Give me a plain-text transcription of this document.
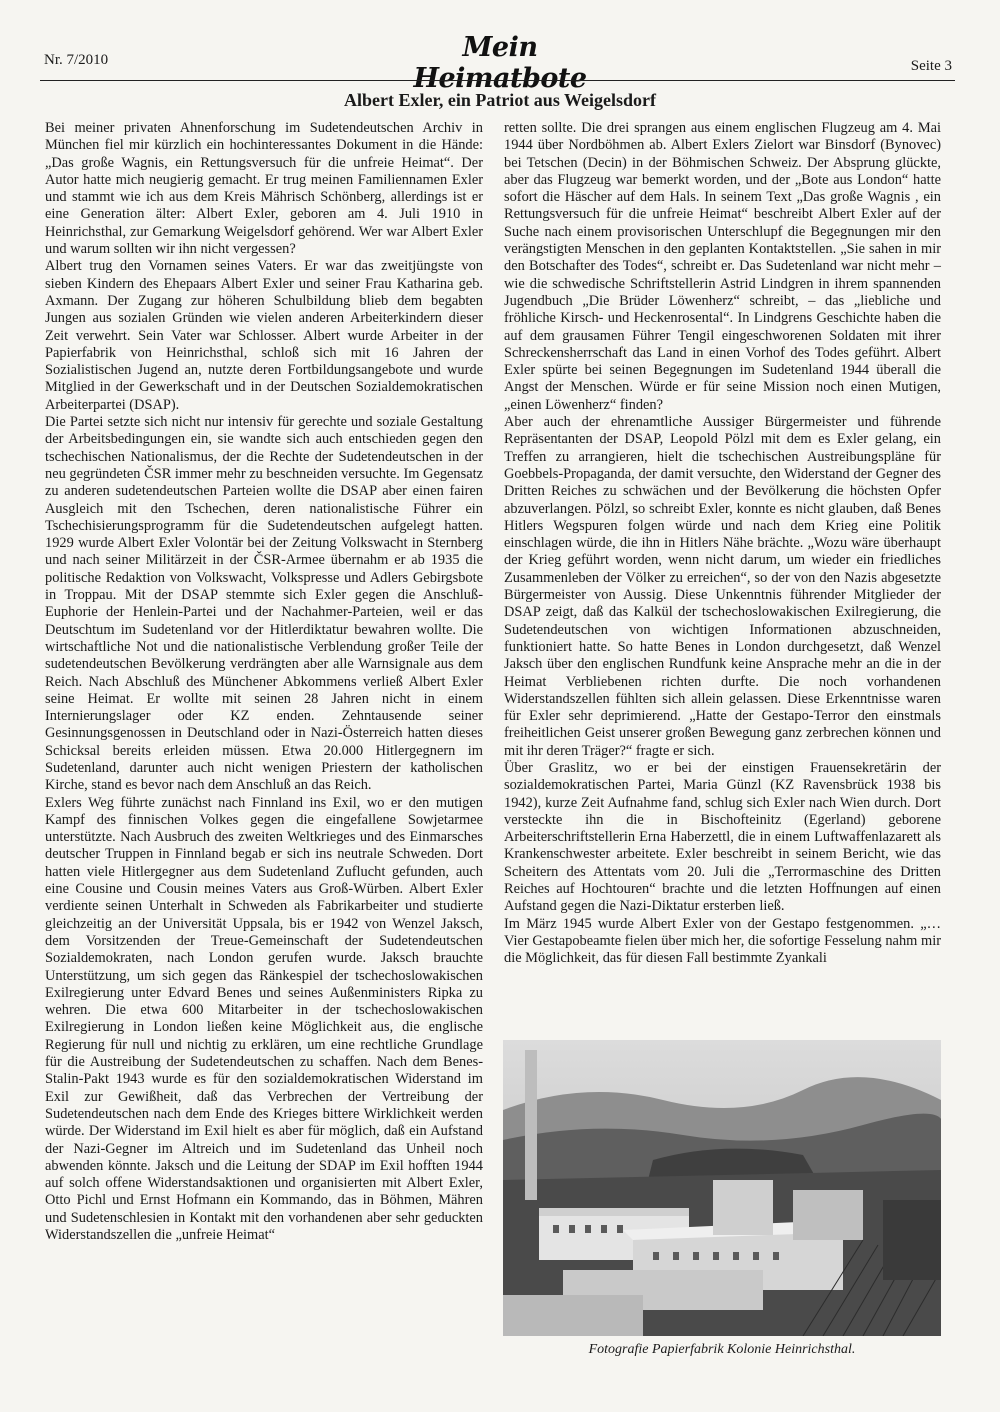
Nr. 7/2010	Mein Heimatbote	Seite 3
Albert Exler, ein Patriot aus Weigelsdorf

Bei meiner privaten Ahnenforschung im Sudetendeutschen Archiv in München fiel mir kürzlich ein hochinteressantes Dokument in die Hände: „Das große Wagnis, ein Rettungsversuch für die unfreie Heimat“. Der Autor hatte mich neugierig gemacht. Er trug meinen Familiennamen Exler und stammt wie ich aus dem Kreis Mährisch Schönberg, allerdings ist er eine Generation älter: Albert Exler, geboren am 4. Juli 1910 in Heinrichsthal, zur Gemarkung Weigelsdorf gehörend. Wer war Albert Exler und warum sollten wir ihn nicht vergessen?

Albert trug den Vornamen seines Vaters. Er war das zweitjüngste von sieben Kindern des Ehepaars Albert Exler und seiner Frau Katharina geb. Axmann. Der Zugang zur höheren Schulbildung blieb dem begabten Jungen aus sozialen Gründen wie vielen anderen Arbeiterkindern dieser Zeit verwehrt. Sein Vater war Schlosser. Albert wurde Arbeiter in der Papierfabrik von Heinrichsthal, schloß sich mit 16 Jahren der Sozialistischen Jugend an, nutzte deren Fortbildungsangebote und wurde Mitglied in der Gewerkschaft und in der Deutschen Sozialdemokratischen Arbeiterpartei (DSAP).

Die Partei setzte sich nicht nur intensiv für gerechte und soziale Gestaltung der Arbeitsbedingungen ein, sie wandte sich auch entschieden gegen den tschechischen Nationalismus, der die Rechte der Sudetendeutschen in der neu gegründeten ČSR immer mehr zu beschneiden versuchte. Im Gegensatz zu anderen sudetendeutschen Parteien wollte die DSAP aber einen fairen Ausgleich mit den Tschechen, deren nationalistische Führer ein Tschechisierungsprogramm für die Sudetendeutschen aufgelegt hatten. 1929 wurde Albert Exler Volontär bei der Zeitung Volkswacht in Sternberg und nach seiner Militärzeit in der ČSR-Armee übernahm er ab 1935 die politische Redaktion von Volkswacht, Volkspresse und Adlers Gebirgsbote in Troppau. Mit der DSAP stemmte sich Exler gegen die Anschluß-Euphorie der Henlein-Partei und der Nachahmer-Parteien, weil er das Deutschtum im Sudetenland vor der Hitlerdiktatur bewahren wollte. Die wirtschaftliche Not und die nationalistische Verblendung großer Teile der sudetendeutschen Bevölkerung verdrängten aber alle Warnsignale aus dem Reich. Nach Abschluß des Münchener Abkommens verließ Albert Exler seine Heimat. Er wollte mit seinen 28 Jahren nicht in einem Internierungslager oder KZ enden. Zehntausende seiner Gesinnungsgenossen in Deutschland oder in Nazi-Österreich hatten dieses Schicksal bereits erleiden müssen. Etwa 20.000 Hitlergegnern im Sudetenland, darunter auch nicht wenigen Priestern der katholischen Kirche, stand es bevor nach dem Anschluß an das Reich.

Exlers Weg führte zunächst nach Finnland ins Exil, wo er den mutigen Kampf des finnischen Volkes gegen die eingefallene Sowjetarmee unterstützte. Nach Ausbruch des zweiten Weltkrieges und des Einmarsches deutscher Truppen in Finnland begab er sich ins neutrale Schweden. Dort hatten viele Hitlergegner aus dem Sudetenland Zuflucht gefunden, auch eine Cousine und Cousin meines Vaters aus Groß-Würben. Albert Exler verdiente seinen Unterhalt in Schweden als Fabrikarbeiter und studierte gleichzeitig an der Universität Uppsala, bis er 1942 von Wenzel Jaksch, dem Vorsitzenden der Treue-Gemeinschaft der Sudetendeutschen Sozialdemokraten, nach London gerufen wurde. Jaksch brauchte Unterstützung, um sich gegen das Ränkespiel der tschechoslowakischen Exilregierung unter Edvard Benes und seines Außenministers Ripka zu wehren. Die etwa 600 Mitarbeiter in der tschechoslowakischen Exilregierung in London ließen keine Möglichkeit aus, die englische Regierung für null und nichtig zu erklären, um eine rechtliche Grundlage für die Austreibung der Sudetendeutschen zu schaffen. Nach dem Benes-Stalin-Pakt 1943 wurde es für den sozialdemokratischen Widerstand im Exil zur Gewißheit, daß das Verbrechen der Vertreibung der Sudetendeutschen nach dem Ende des Krieges bittere Wirklichkeit werden würde. Der Widerstand im Exil hielt es aber für möglich, daß ein Aufstand der Nazi-Gegner im Altreich und im Sudetenland das Unheil noch abwenden könnte. Jaksch und die Leitung der SDAP im Exil hofften 1944 auf solch offene Widerstandsaktionen und organisierten mit Albert Exler, Otto Pichl und Ernst Hofmann ein Kommando, das in Böhmen, Mähren und Sudetenschlesien in Kontakt mit den vorhandenen aber sehr geduckten Widerstandszellen die „unfreie Heimat“

retten sollte. Die drei sprangen aus einem englischen Flugzeug am 4. Mai 1944 über Nordböhmen ab. Albert Exlers Zielort war Binsdorf (Bynovec) bei Tetschen (Decin) in der Böhmischen Schweiz. Der Absprung glückte, aber das Flugzeug war bemerkt worden, und der „Bote aus London“ hatte sofort die Häscher auf dem Hals. In seinem Text „Das große Wagnis , ein Rettungsversuch für die unfreie Heimat“ beschreibt Albert Exler auf der Suche nach einem provisorischen Unterschlupf die Begegnungen mir den verängstigten Menschen in den geplanten Kontaktstellen. „Sie sahen in mir den Botschafter des Todes“, schreibt er. Das Sudetenland war nicht mehr – wie die schwedische Schriftstellerin Astrid Lindgren in ihrem spannenden Jugendbuch „Die Brüder Löwenherz“ schreibt, – das „liebliche und fröhliche Kirsch- und Heckenrosental“. In Lindgrens Geschichte haben die auf dem grausamen Führer Tengil eingeschworenen Soldaten mit ihrer Schreckensherrschaft das Land in einen Vorhof des Todes geführt. Albert Exler spürte bei seinen Begegnungen im Sudetenland 1944 überall die Angst der Menschen. Würde er für seine Mission noch einen Mutigen, „einen Löwenherz“ finden?

Aber auch der ehrenamtliche Aussiger Bürgermeister und führende Repräsentanten der DSAP, Leopold Pölzl mit dem es Exler gelang, ein Treffen zu arrangieren, hielt die tschechischen Austreibungspläne für Goebbels-Propaganda, der damit versuchte, den Widerstand der Gegner des Dritten Reiches zu schwächen und der Bevölkerung die höchsten Opfer abzuverlangen. Pölzl, so schreibt Exler, konnte es nicht glauben, daß Benes Hitlers Wegspuren folgen würde und nach dem Krieg eine Politik einschlagen würde, die ihn in Hitlers Nähe brächte. „Wozu wäre überhaupt der Krieg geführt worden, wenn nicht darum, um wieder ein friedliches Zusammenleben der Völker zu erreichen“, so der von den Nazis abgesetzte Bürgermeister von Aussig. Diese Unkenntnis führender Mitglieder der DSAP zeigt, daß das Kalkül der tschechoslowakischen Exilregierung, die Sudetendeutschen von wichtigen Informationen abzuschneiden, funktioniert hatte. So hatte Benes in London durchgesetzt, daß Wenzel Jaksch über den englischen Rundfunk keine Ansprache mehr an die in der Heimat Verbliebenen richten durfte. Die noch vorhandenen Widerstandszellen fühlten sich allein gelassen. Diese Erkenntnisse waren für Exler sehr deprimierend. „Hatte der Gestapo-Terror den einstmals freiheitlichen Geist unserer großen Bewegung ganz zerbrechen können und mit ihr deren Träger?“ fragte er sich.

Über Graslitz, wo er bei der einstigen Frauensekretärin der sozialdemokratischen Partei, Maria Günzl (KZ Ravensbrück 1938 bis 1942), kurze Zeit Aufnahme fand, schlug sich Exler nach Wien durch. Dort versteckte ihn die in Bischofteinitz (Egerland) geborene Arbeiterschriftstellerin Erna Haberzettl, die in einem Luftwaffenlazarett als Krankenschwester arbeitete. Exler beschreibt in seinem Bericht, wie das Scheitern des Attentats vom 20. Juli die „Terrormaschine des Dritten Reiches auf Hochtouren“ brachte und die letzten Hoffnungen auf einen Aufstand gegen die Nazi-Diktatur ersterben ließ.

Im März 1945 wurde Albert Exler von der Gestapo festgenommen. „… Vier Gestapobeamte fielen über mich her, die sofortige Fesselung nahm mir die Möglichkeit, das für diesen Fall bestimmte Zyankali

Fotografie Papierfabrik Kolonie Heinrichsthal.
